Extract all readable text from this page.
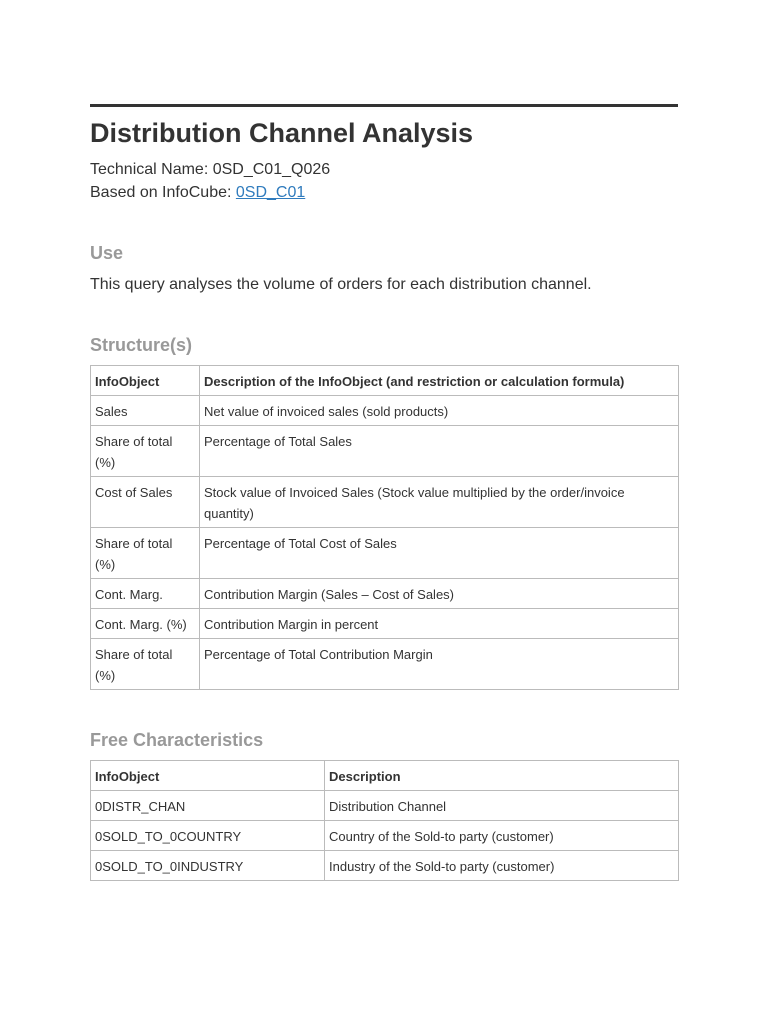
Distribution Channel Analysis
Technical Name: 0SD_C01_Q026
Based on InfoCube: 0SD_C01
Use
This query analyses the volume of orders for each distribution channel.
Structure(s)
InfoObject	Description of the InfoObject (and restriction or calculation formula)
Sales	Net value of invoiced sales (sold products)
Share of total (%)	Percentage of Total Sales
Cost of Sales	Stock value of Invoiced Sales (Stock value multiplied by the order/invoice quantity)
Share of total (%)	Percentage of Total Cost of Sales
Cont. Marg.	Contribution Margin (Sales – Cost of Sales)
Cont. Marg. (%)	Contribution Margin in percent
Share of total (%)	Percentage of Total Contribution Margin
Free Characteristics
InfoObject	Description
0DISTR_CHAN	Distribution Channel
0SOLD_TO_0COUNTRY	Country of the Sold-to party (customer)
0SOLD_TO_0INDUSTRY	Industry of the Sold-to party (customer)
